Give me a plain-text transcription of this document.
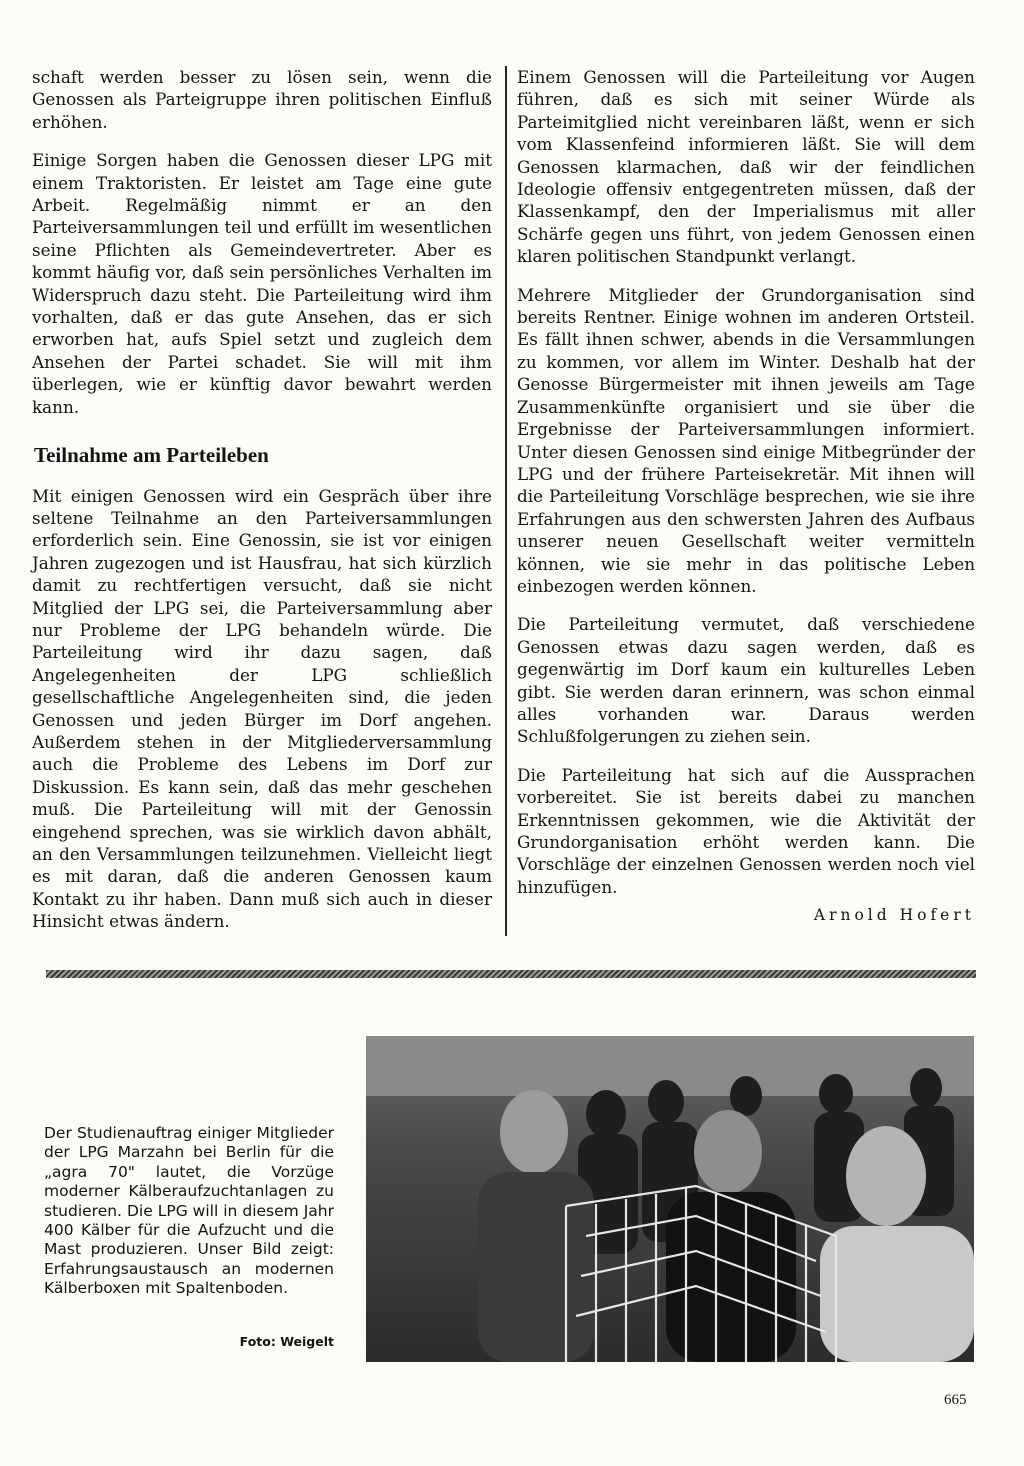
schaft werden besser zu lösen sein, wenn die Genossen als Parteigruppe ihren politischen Einfluß erhöhen.

Einige Sorgen haben die Genossen dieser LPG mit einem Traktoristen. Er leistet am Tage eine gute Arbeit. Regelmäßig nimmt er an den Parteiversammlungen teil und erfüllt im wesentlichen seine Pflichten als Gemeindevertreter. Aber es kommt häufig vor, daß sein persönliches Verhalten im Widerspruch dazu steht. Die Parteileitung wird ihm vorhalten, daß er das gute Ansehen, das er sich erworben hat, aufs Spiel setzt und zugleich dem Ansehen der Partei schadet. Sie will mit ihm überlegen, wie er künftig davor bewahrt werden kann.

Teilnahme am Parteileben

Mit einigen Genossen wird ein Gespräch über ihre seltene Teilnahme an den Parteiversammlungen erforderlich sein. Eine Genossin, sie ist vor einigen Jahren zugezogen und ist Hausfrau, hat sich kürzlich damit zu rechtfertigen versucht, daß sie nicht Mitglied der LPG sei, die Parteiversammlung aber nur Probleme der LPG behandeln würde. Die Parteileitung wird ihr dazu sagen, daß Angelegenheiten der LPG schließlich gesellschaftliche Angelegenheiten sind, die jeden Genossen und jeden Bürger im Dorf angehen. Außerdem stehen in der Mitgliederversammlung auch die Probleme des Lebens im Dorf zur Diskussion. Es kann sein, daß das mehr geschehen muß. Die Parteileitung will mit der Genossin eingehend sprechen, was sie wirklich davon abhält, an den Versammlungen teilzunehmen. Vielleicht liegt es mit daran, daß die anderen Genossen kaum Kontakt zu ihr haben. Dann muß sich auch in dieser Hinsicht etwas ändern.

Einem Genossen will die Parteileitung vor Augen führen, daß es sich mit seiner Würde als Parteimitglied nicht vereinbaren läßt, wenn er sich vom Klassenfeind informieren läßt. Sie will dem Genossen klarmachen, daß wir der feindlichen Ideologie offensiv entgegentreten müssen, daß der Klassenkampf, den der Imperialismus mit aller Schärfe gegen uns führt, von jedem Genossen einen klaren politischen Standpunkt verlangt.

Mehrere Mitglieder der Grundorganisation sind bereits Rentner. Einige wohnen im anderen Ortsteil. Es fällt ihnen schwer, abends in die Versammlungen zu kommen, vor allem im Winter. Deshalb hat der Genosse Bürgermeister mit ihnen jeweils am Tage Zusammenkünfte organisiert und sie über die Ergebnisse der Parteiversammlungen informiert. Unter diesen Genossen sind einige Mitbegründer der LPG und der frühere Parteisekretär. Mit ihnen will die Parteileitung Vorschläge besprechen, wie sie ihre Erfahrungen aus den schwersten Jahren des Aufbaus unserer neuen Gesellschaft weiter vermitteln können, wie sie mehr in das politische Leben einbezogen werden können.

Die Parteileitung vermutet, daß verschiedene Genossen etwas dazu sagen werden, daß es gegenwärtig im Dorf kaum ein kulturelles Leben gibt. Sie werden daran erinnern, was schon einmal alles vorhanden war. Daraus werden Schlußfolgerungen zu ziehen sein.

Die Parteileitung hat sich auf die Aussprachen vorbereitet. Sie ist bereits dabei zu manchen Erkenntnissen gekommen, wie die Aktivität der Grundorganisation erhöht werden kann. Die Vorschläge der einzelnen Genossen werden noch viel hinzufügen.

Arnold Hofert
Der Studienauftrag einiger Mitglieder der LPG Marzahn bei Berlin für die „agra 70" lautet, die Vorzüge moderner Kälberaufzuchtanlagen zu studieren. Die LPG will in diesem Jahr 400 Kälber für die Aufzucht und die Mast produzieren. Unser Bild zeigt: Erfahrungsaustausch an modernen Kälberboxen mit Spaltenboden.
Foto: Weigelt
665
